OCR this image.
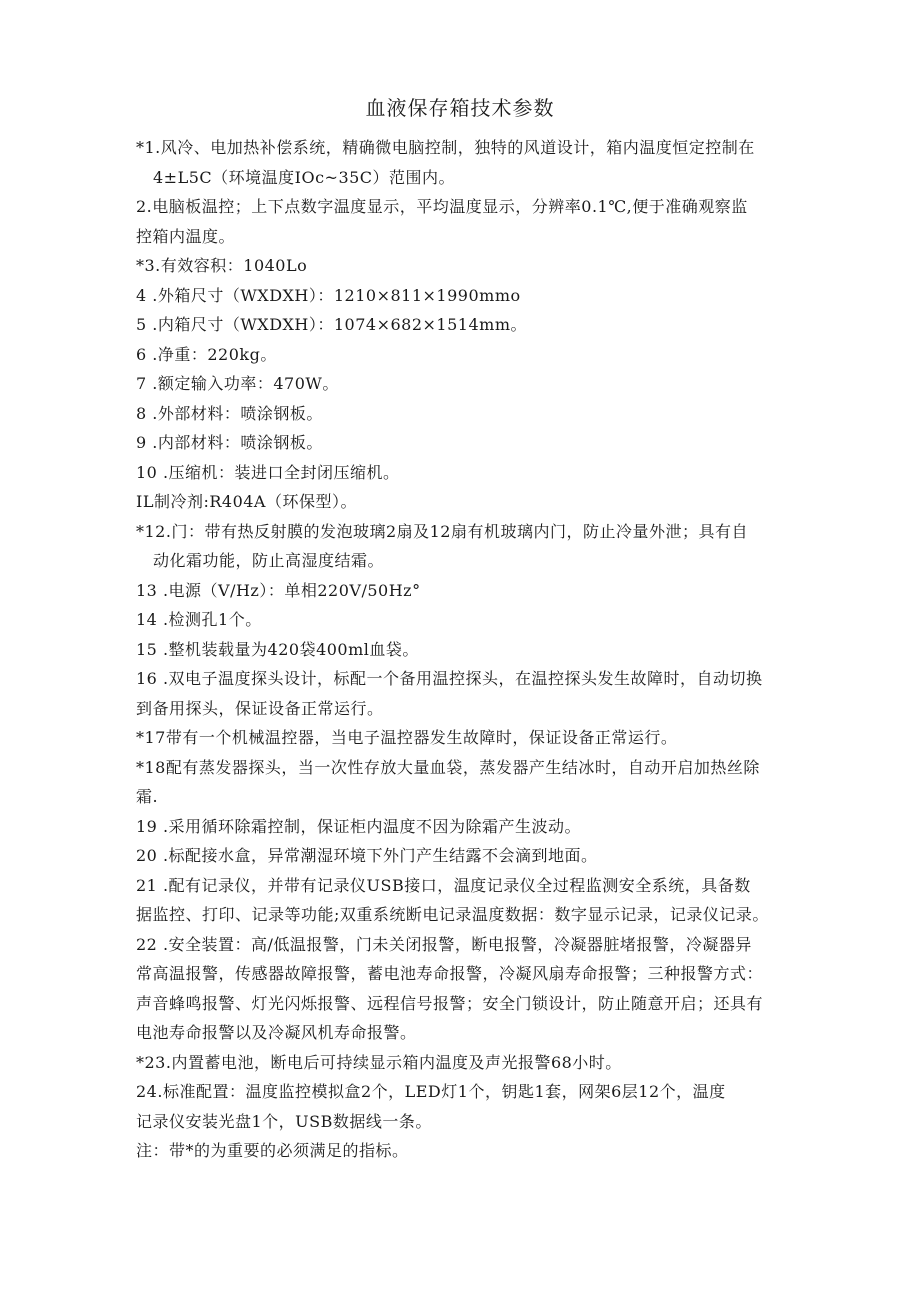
血液保存箱技术参数
*1.风冷、电加热补偿系统，精确微电脑控制，独特的风道设计，箱内温度恒定控制在
4±L5C（环境温度IOc~35C）范围内。
2.电脑板温控；上下点数字温度显示，平均温度显示，分辨率0.1℃,便于准确观察监
控箱内温度。
*3.有效容积：1040Lo
4 .外箱尺寸（WXDXH）：1210×811×1990mmo
5 .内箱尺寸（WXDXH）：1074×682×1514mm。
6 .净重：220kg。
7 .额定输入功率：470W。
8 .外部材料：喷涂钢板。
9 .内部材料：喷涂钢板。
10 .压缩机：装进口全封闭压缩机。
IL制冷剂:R404A（环保型）。
*12.门：带有热反射膜的发泡玻璃2扇及12扇有机玻璃内门，防止冷量外泄；具有自
动化霜功能，防止高湿度结霜。
13 .电源（V/Hz）：单相220V/50Hz°
14 .检测孔1个。
15 .整机装载量为420袋400ml血袋。
16 .双电子温度探头设计，标配一个备用温控探头，在温控探头发生故障时，自动切换
到备用探头，保证设备正常运行。
*17带有一个机械温控器，当电子温控器发生故障时，保证设备正常运行。
*18配有蒸发器探头，当一次性存放大量血袋，蒸发器产生结冰时，自动开启加热丝除
霜.
19 .采用循环除霜控制，保证柜内温度不因为除霜产生波动。
20 .标配接水盒，异常潮湿环境下外门产生结露不会滴到地面。
21 .配有记录仪，并带有记录仪USB接口，温度记录仪全过程监测安全系统，具备数
据监控、打印、记录等功能;双重系统断电记录温度数据：数字显示记录，记录仪记录。
22 .安全装置：高/低温报警，门未关闭报警，断电报警，冷凝器脏堵报警，冷凝器异
常高温报警，传感器故障报警，蓄电池寿命报警，冷凝风扇寿命报警；三种报警方式：
声音蜂鸣报警、灯光闪烁报警、远程信号报警；安全门锁设计，防止随意开启；还具有
电池寿命报警以及冷凝风机寿命报警。
*23.内置蓄电池，断电后可持续显示箱内温度及声光报警68小时。
24.标准配置：温度监控模拟盒2个，LED灯1个，钥匙1套，网架6层12个，温度
记录仪安装光盘1个，USB数据线一条。
注：带*的为重要的必须满足的指标。
